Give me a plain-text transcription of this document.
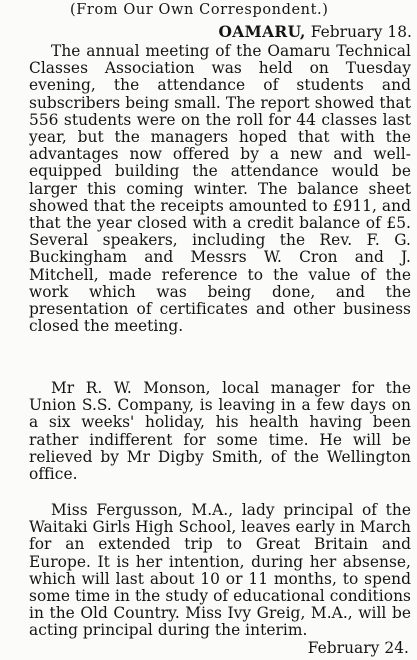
(From Our Own Correspondent.)

OAMARU, February 18.

The annual meeting of the Oamaru Technical Classes Association was held on Tuesday evening, the attendance of students and subscribers being small. The report showed that 556 students were on the roll for 44 classes last year, but the managers hoped that with the advantages now offered by a new and well-equipped building the attendance would be larger this coming winter. The balance sheet showed that the receipts amounted to £911, and that the year closed with a credit balance of £5. Several speakers, including the Rev. F. G. Buckingham and Messrs W. Cron and J. Mitchell, made reference to the value of the work which was being done, and the presentation of certificates and other business closed the meeting.

Mr R. W. Monson, local manager for the Union S.S. Company, is leaving in a few days on a six weeks' holiday, his health having been rather indifferent for some time. He will be relieved by Mr Digby Smith, of the Wellington office.

Miss Fergusson, M.A., lady principal of the Waitaki Girls High School, leaves early in March for an extended trip to Great Britain and Europe. It is her intention, during her absense, which will last about 10 or 11 months, to spend some time in the study of educational conditions in the Old Country. Miss Ivy Greig, M.A., will be acting principal during the interim.

February 24.
